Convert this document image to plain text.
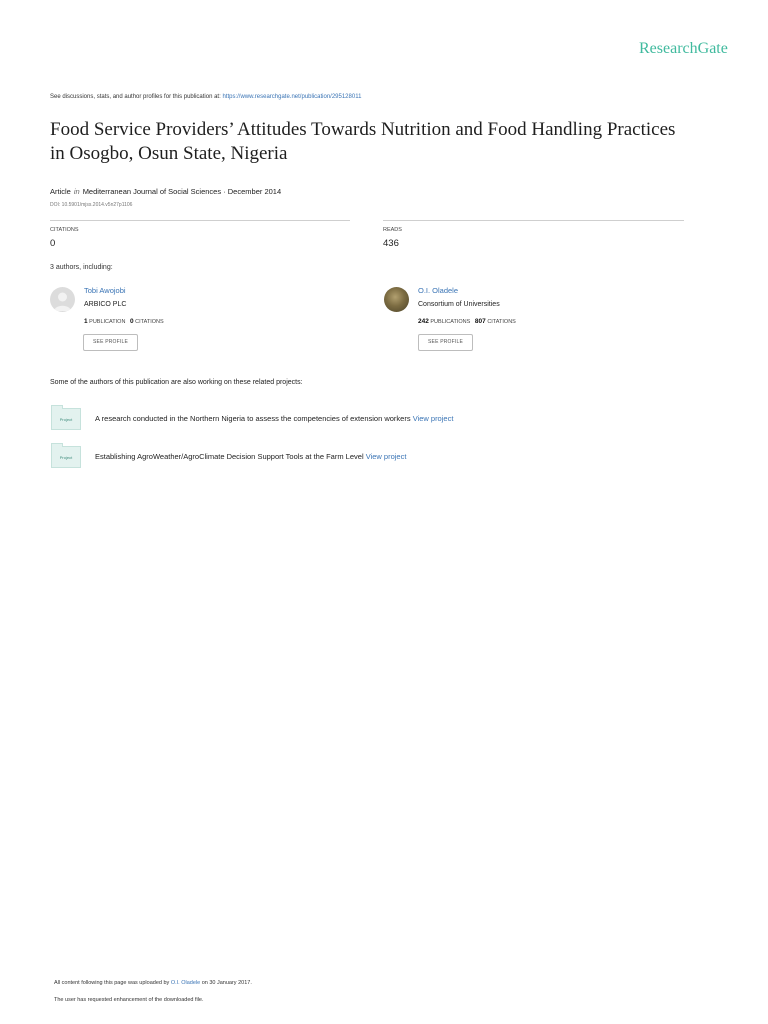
ResearchGate
See discussions, stats, and author profiles for this publication at: https://www.researchgate.net/publication/295128011
Food Service Providers’ Attitudes Towards Nutrition and Food Handling Practices in Osogbo, Osun State, Nigeria
Article in Mediterranean Journal of Social Sciences · December 2014
DOI: 10.5901/mjss.2014.v5n27p1106
CITATIONS
0
READS
436
3 authors, including:
Tobi Awojobi
ARBICO PLC
1 PUBLICATION 0 CITATIONS
SEE PROFILE
O.I. Oladele
Consortium of Universities
242 PUBLICATIONS 807 CITATIONS
SEE PROFILE
Some of the authors of this publication are also working on these related projects:
Project	A research conducted in the Northern Nigeria to assess the competencies of extension workers View project
Project	Establishing AgroWeather/AgroClimate Decision Support Tools at the Farm Level View project
All content following this page was uploaded by O.I. Oladele on 30 January 2017.
The user has requested enhancement of the downloaded file.
